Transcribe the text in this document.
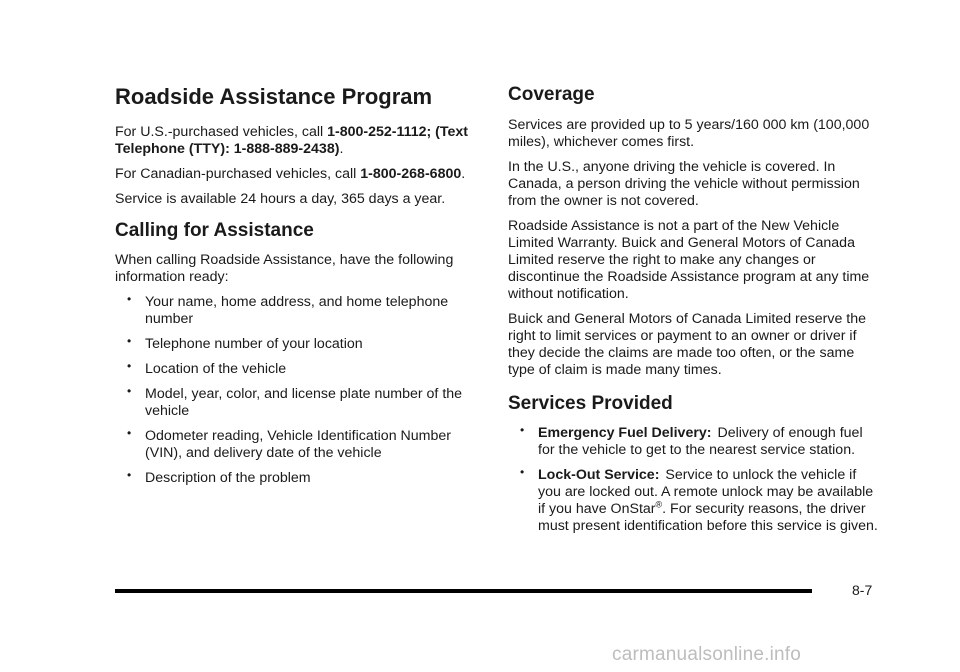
Roadside Assistance Program

For U.S.-purchased vehicles, call 1-800-252-1112; (Text Telephone (TTY): 1-888-889-2438).

For Canadian-purchased vehicles, call 1-800-268-6800.

Service is available 24 hours a day, 365 days a year.

Calling for Assistance

When calling Roadside Assistance, have the following information ready:

• Your name, home address, and home telephone number
• Telephone number of your location
• Location of the vehicle
• Model, year, color, and license plate number of the vehicle
• Odometer reading, Vehicle Identification Number (VIN), and delivery date of the vehicle
• Description of the problem
Coverage

Services are provided up to 5 years/160 000 km (100,000 miles), whichever comes first.

In the U.S., anyone driving the vehicle is covered. In Canada, a person driving the vehicle without permission from the owner is not covered.

Roadside Assistance is not a part of the New Vehicle Limited Warranty. Buick and General Motors of Canada Limited reserve the right to make any changes or discontinue the Roadside Assistance program at any time without notification.

Buick and General Motors of Canada Limited reserve the right to limit services or payment to an owner or driver if they decide the claims are made too often, or the same type of claim is made many times.

Services Provided
• Emergency Fuel Delivery: Delivery of enough fuel for the vehicle to get to the nearest service station.
• Lock-Out Service: Service to unlock the vehicle if you are locked out. A remote unlock may be available if you have OnStar®. For security reasons, the driver must present identification before this service is given.
8-7
carmanualsonline.info
